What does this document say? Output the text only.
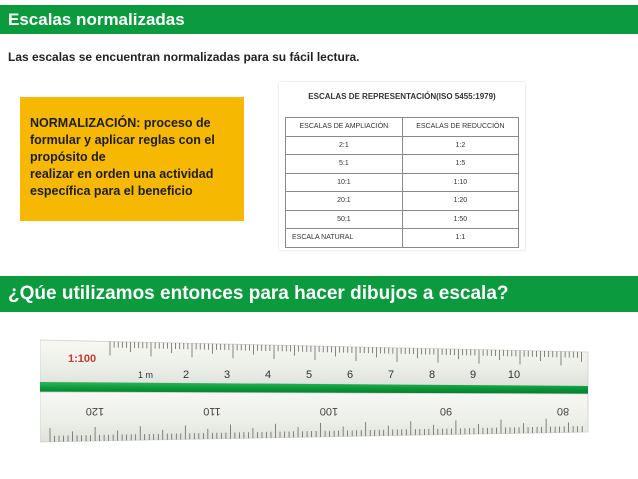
Escalas normalizadas
Las escalas se encuentran normalizadas para su fácil lectura.
NORMALIZACIÓN: proceso de
formular y aplicar reglas con el
propósito de
realizar en orden una actividad
específica para el beneficio
ESCALAS DE REPRESENTACIÓN(ISO 5455:1979)
ESCALAS DE AMPLIACIÓN	ESCALAS DE REDUCCIÓN
2:1	1:2
5:1	1:5
10:1	1:10
20:1	1:20
50:1	1:50
ESCALA NATURAL	1:1
¿Qúe utilizamos entonces para hacer dibujos a escala?
1:100
1 m	2	3	4	5	6	7	8	9	10
120	110	100	90	80
